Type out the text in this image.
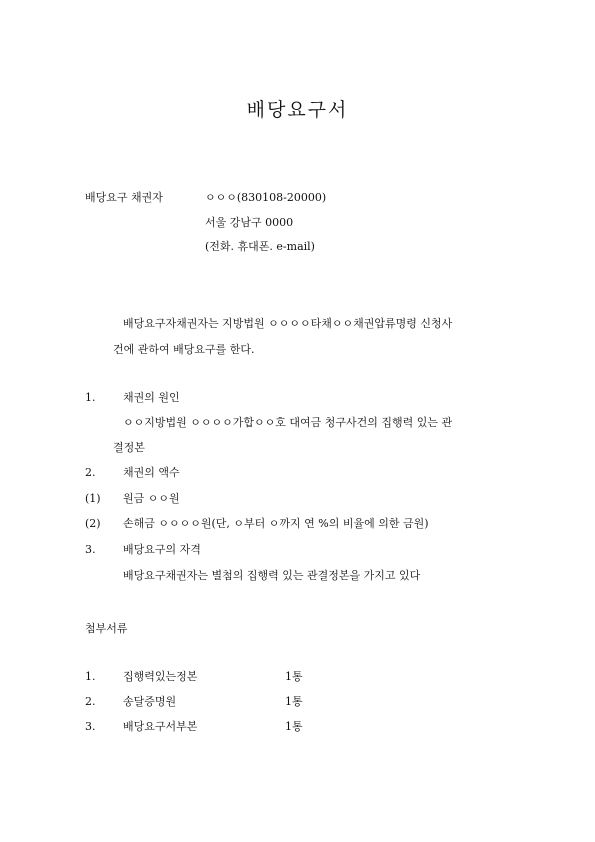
배당요구서
배당요구 채권자	ㅇㅇㅇ(830108-20000)
서울 강남구 0000
(전화. 휴대폰. e-mail)
배당요구자채권자는 지방법원 ㅇㅇㅇㅇ타채ㅇㅇ채권압류명령 신청사
건에 관하여 배당요구를 한다.
1.	채권의 원인
ㅇㅇ지방법원 ㅇㅇㅇㅇ가합ㅇㅇ호 대여금 청구사건의 집행력 있는 관
결정본
2.	채권의 액수
(1) 원금 ㅇㅇ원
(2) 손해금 ㅇㅇㅇㅇ원(단, ㅇ부터 ㅇ까지 연 %의 비율에 의한 금원)
3.	배당요구의 자격
배당요구채권자는 별첨의 집행력 있는 관결정본을 가지고 있다
첨부서류
1.	집행력있는정본	1통
2.	송달증명원	1통
3.	배당요구서부본	1통
